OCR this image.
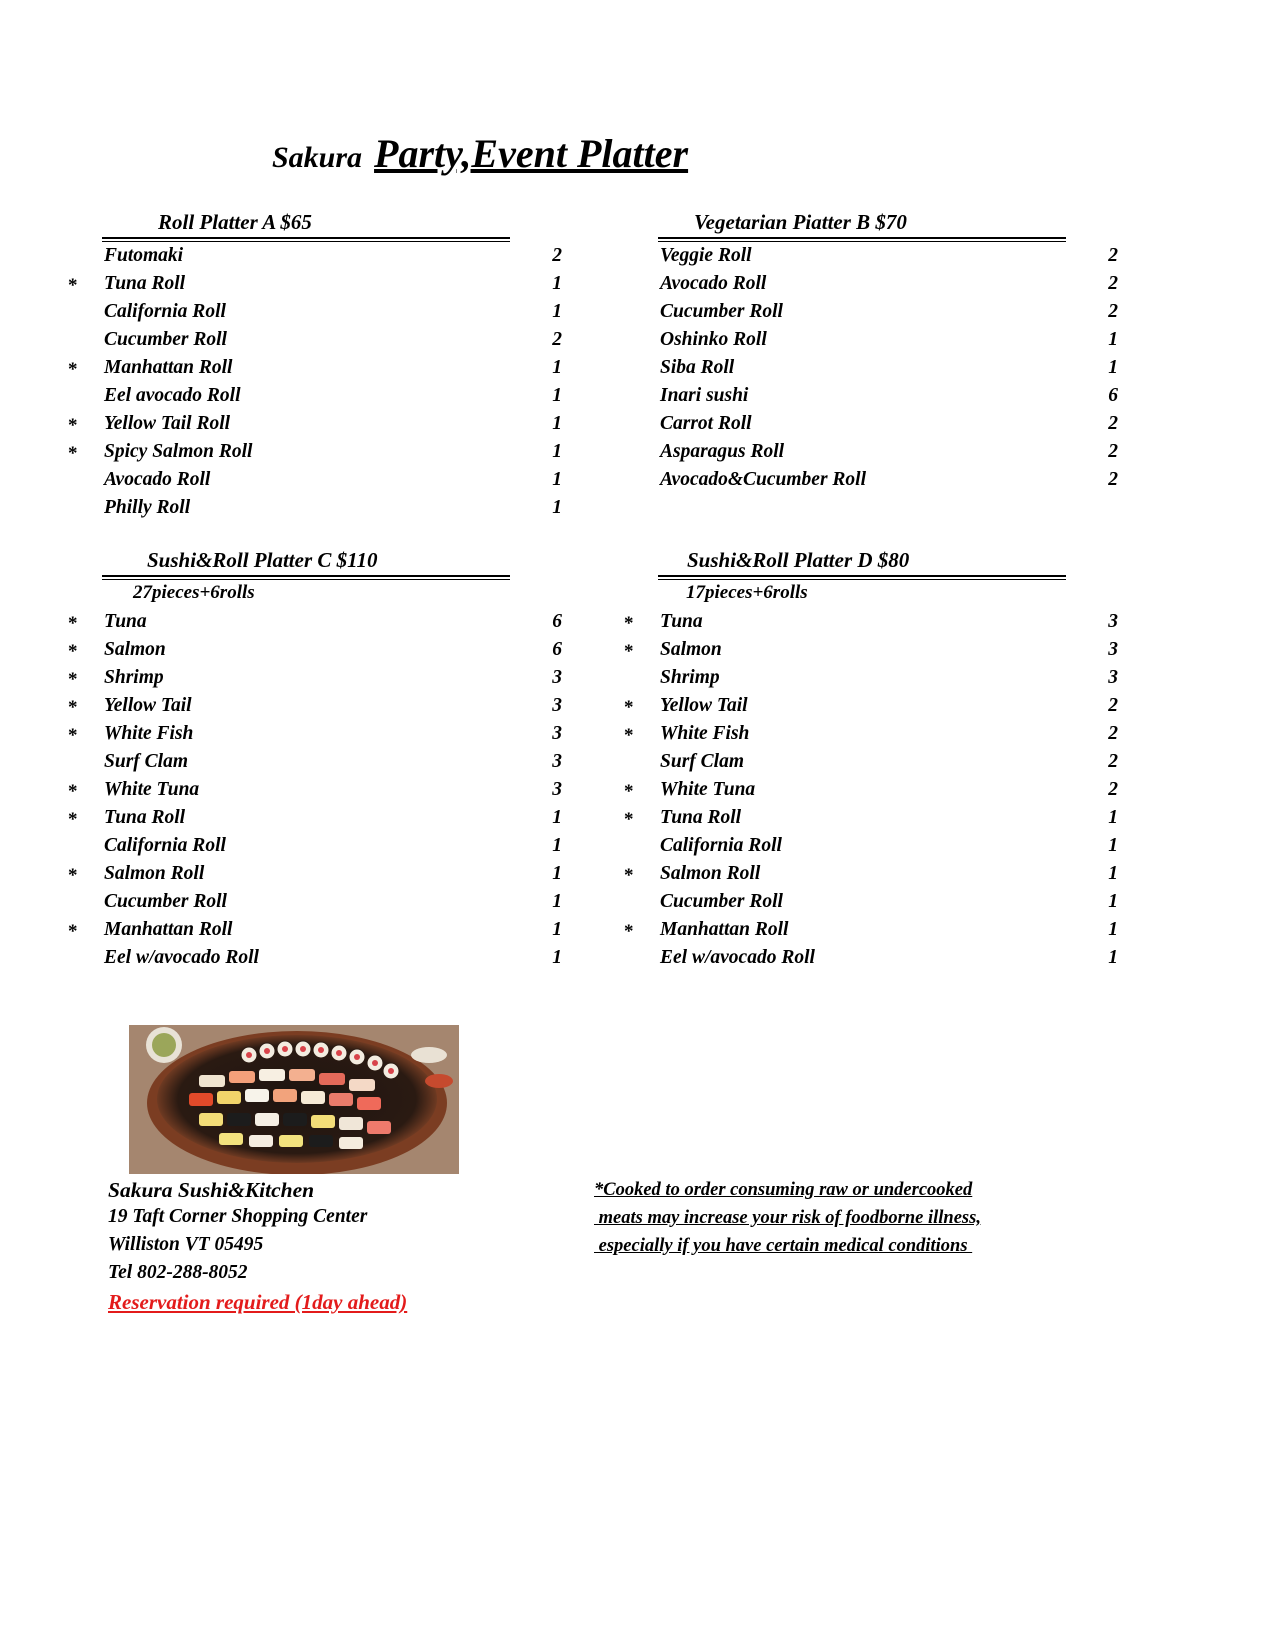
Sakura Party,Event Platter
Roll Platter A $65
Futomaki	2
*	Tuna Roll	1
California Roll	1
Cucumber Roll	2
*	Manhattan Roll	1
Eel avocado Roll	1
*	Yellow Tail Roll	1
*	Spicy Salmon Roll	1
Avocado Roll	1
Philly Roll	1
Vegetarian Piatter B $70
Veggie Roll	2
Avocado Roll	2
Cucumber Roll	2
Oshinko Roll	1
Siba Roll	1
Inari sushi	6
Carrot Roll	2
Asparagus Roll	2
Avocado&Cucumber Roll	2
Sushi&Roll Platter C $110
27pieces+6rolls
*	Tuna	6
*	Salmon	6
*	Shrimp	3
*	Yellow Tail	3
*	White Fish	3
Surf Clam	3
*	White Tuna	3
*	Tuna Roll	1
California Roll	1
*	Salmon Roll	1
Cucumber Roll	1
*	Manhattan Roll	1
Eel w/avocado Roll	1
Sushi&Roll Platter D $80
17pieces+6rolls
*	Tuna	3
*	Salmon	3
Shrimp	3
*	Yellow Tail	2
*	White Fish	2
Surf Clam	2
*	White Tuna	2
*	Tuna Roll	1
California Roll	1
*	Salmon Roll	1
Cucumber Roll	1
*	Manhattan Roll	1
Eel w/avocado Roll	1
Sakura Sushi&Kitchen
19 Taft Corner Shopping Center
Williston VT 05495
Tel 802-288-8052
Reservation required (1day ahead)
*Cooked to order consuming raw or undercooked
meats may increase your risk of foodborne illness,
especially if you have certain medical conditions
